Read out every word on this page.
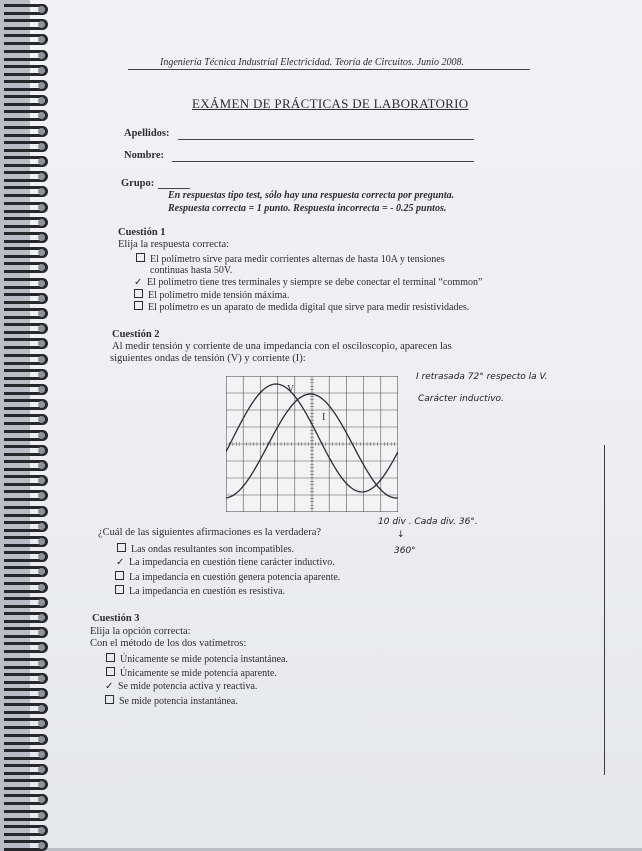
Ingeniería Técnica Industrial Electricidad. Teoría de Circuitos. Junio 2008.
EXÁMEN DE PRÁCTICAS DE LABORATORIO
Apellidos:
Nombre:
Grupo:
En respuestas tipo test, sólo hay una respuesta correcta por pregunta.
Respuesta correcta = 1 punto. Respuesta incorrecta = - 0.25 puntos.
Cuestión 1
Elija la respuesta correcta:
El polímetro sirve para medir corrientes alternas de hasta 10A y tensiones
continuas hasta 50V.
✓ El polímetro tiene tres terminales y siempre se debe conectar el terminal “common”
El polímetro mide tensión máxima.
El polímetro es un aparato de medida digital que sirve para medir resistividades.
Cuestión 2
Al medir tensión y corriente de una impedancia con el osciloscopio, aparecen las
siguientes ondas de tensión (V) y corriente (I):
V
I
I retrasada 72° respecto la V.
Carácter inductivo.
10 div . Cada div. 36°.
↓
360°
¿Cuál de las siguientes afirmaciones es la verdadera?
Las ondas resultantes son incompatibles.
✓ La impedancia en cuestión tiene carácter inductivo.
La impedancia en cuestión genera potencia aparente.
La impedancia en cuestión es resistiva.
Cuestión 3
Elija la opción correcta:
Con el método de los dos vatímetros:
Únicamente se mide potencia instantánea.
Únicamente se mide potencia aparente.
✓ Se mide potencia activa y reactiva.
Se mide potencia instantánea.
